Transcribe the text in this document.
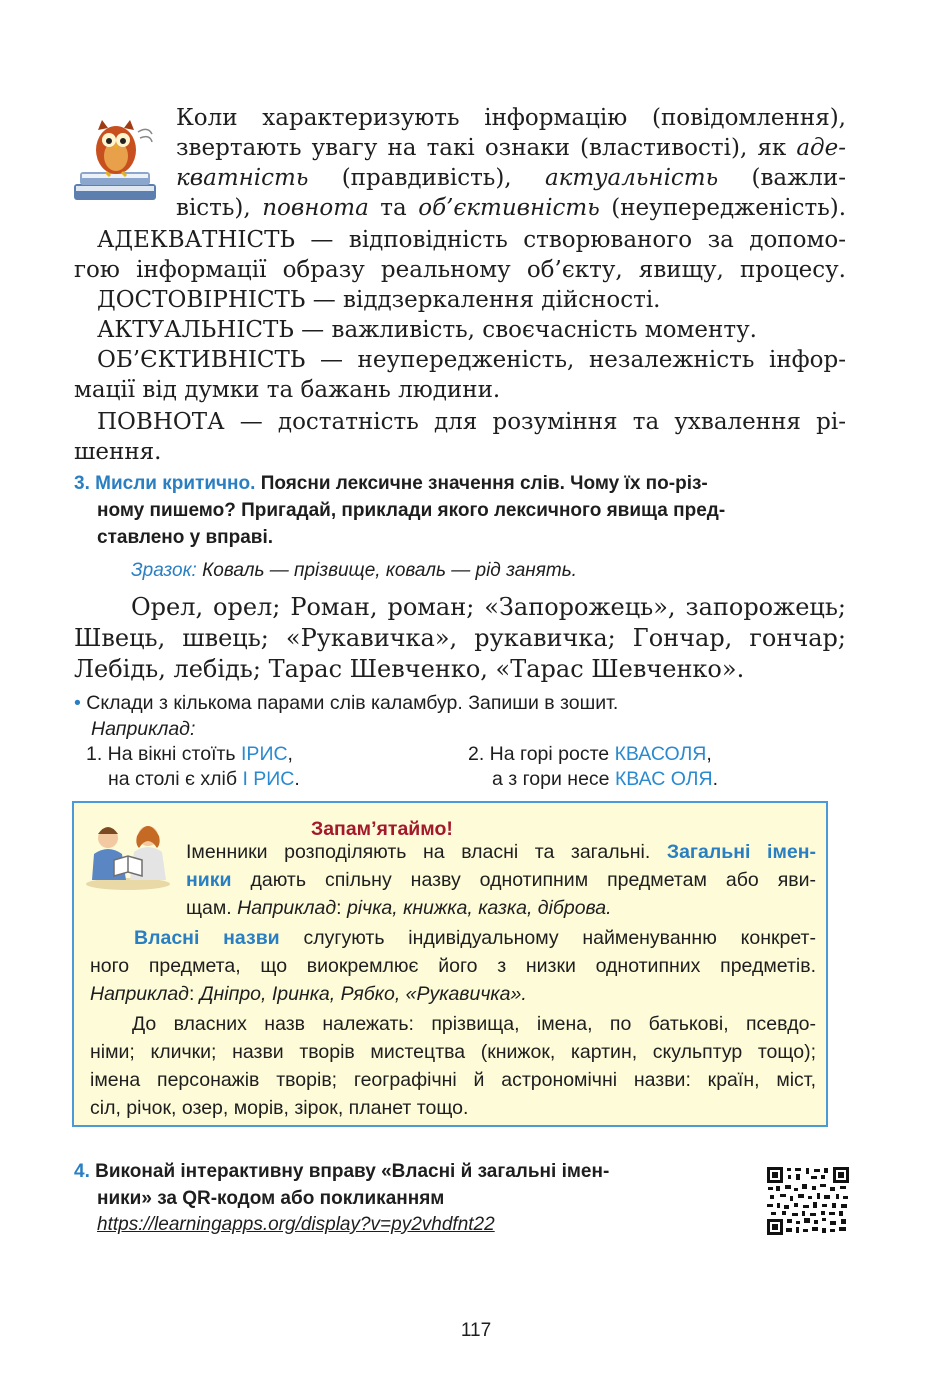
Коли характеризують інформацію (повідомлення),
звертають увагу на такі ознаки (властивості), як аде-
кватність (правдивість), актуальність (важли-
вість), повнота та об’єктивність (неупередженість).
АДЕКВАТНІСТЬ — відповідність створюваного за допомо-
гою інформації образу реальному об’єкту, явищу, процесу.
ДОСТОВІРНІСТЬ — віддзеркалення дійсності.
АКТУАЛЬНІСТЬ — важливість, своєчасність моменту.
ОБ’ЄКТИВНІСТЬ — неупередженість, незалежність інфор-
мації від думки та бажань людини.
ПОВНОТА — достатність для розуміння та ухвалення рі-
шення.
3. Мисли критично. Поясни лексичне значення слів. Чому їх по-різ-
ному пишемо? Пригадай, приклади якого лексичного явища пред-
ставлено у вправі.
Зразок: Коваль — прізвище, коваль — рід занять.
Орел, орел; Роман, роман; «Запорожець», запорожець;
Швець, швець; «Рукавичка», рукавичка; Гончар, гончар;
Лебідь, лебідь; Тарас Шевченко, «Тарас Шевченко».
• Склади з кількома парами слів каламбур. Запиши в зошит.
Наприклад:
1. На вікні стоїть ІРИС,
на столі є хліб І РИС.
2. На горі росте КВАСОЛЯ,
а з гори несе КВАС ОЛЯ.
Запам’ятаймо!
Іменники розподіляють на власні та загальні. Загальні імен-
ники дають спільну назву однотипним предметам або яви-
щам. Наприклад: річка, книжка, казка, діброва.
Власні назви слугують індивідуальному найменуванню конкрет-
ного предмета, що виокремлює його з низки однотипних предметів.
Наприклад: Дніпро, Іринка, Рябко, «Рукавичка».
До власних назв належать: прізвища, імена, по батькові, псевдо-
німи; клички; назви творів мистецтва (книжок, картин, скульптур тощо);
імена персонажів творів; географічні й астрономічні назви: країн, міст,
сіл, річок, озер, морів, зірок, планет тощо.
4. Виконай інтерактивну вправу «Власні й загальні імен-
ники» за QR-кодом або покликанням
https://learningapps.org/display?v=py2vhdfnt22
117
